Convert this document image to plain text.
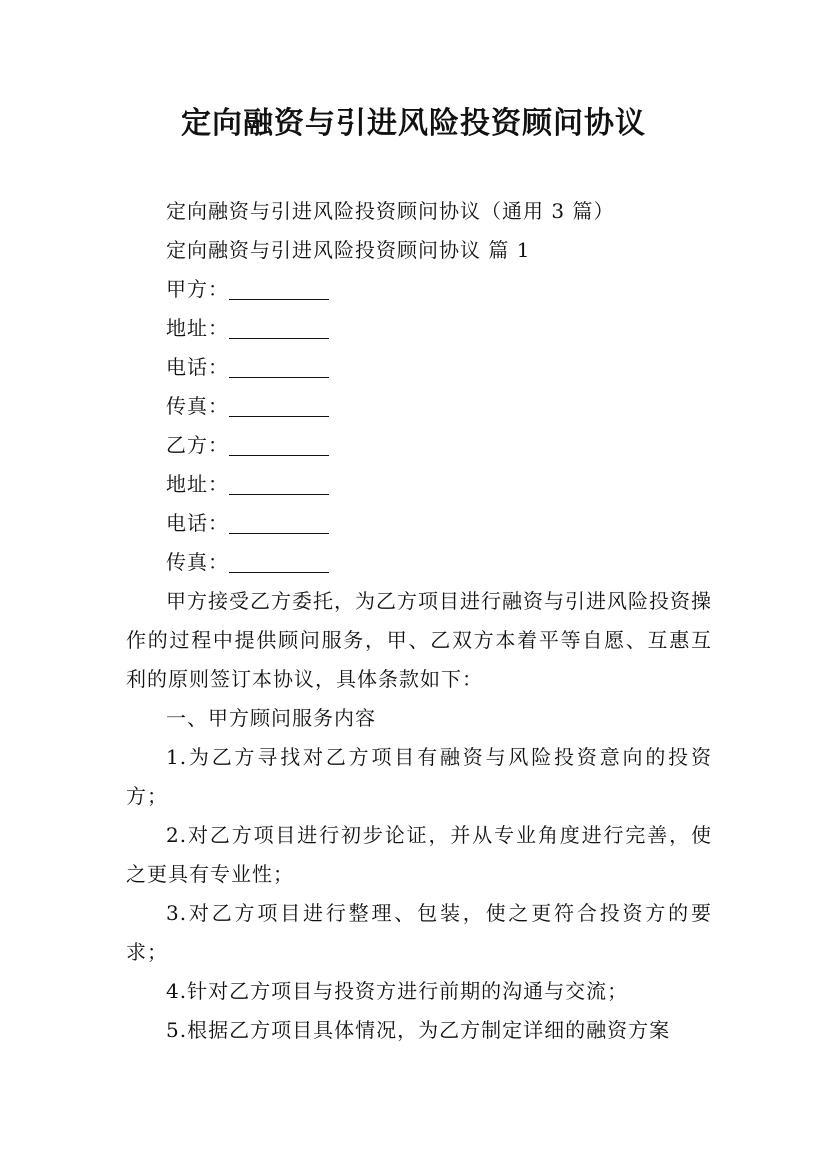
定向融资与引进风险投资顾问协议

定向融资与引进风险投资顾问协议（通用 3 篇）

定向融资与引进风险投资顾问协议 篇 1

甲方：

地址：

电话：

传真：

乙方：

地址：

电话：

传真：

甲方接受乙方委托，为乙方项目进行融资与引进风险投资操作的过程中提供顾问服务，甲、乙双方本着平等自愿、互惠互利的原则签订本协议，具体条款如下：

一、甲方顾问服务内容

1.为乙方寻找对乙方项目有融资与风险投资意向的投资方；

2.对乙方项目进行初步论证，并从专业角度进行完善，使之更具有专业性；

3.对乙方项目进行整理、包装，使之更符合投资方的要求；

4.针对乙方项目与投资方进行前期的沟通与交流；

5.根据乙方项目具体情况，为乙方制定详细的融资方案
